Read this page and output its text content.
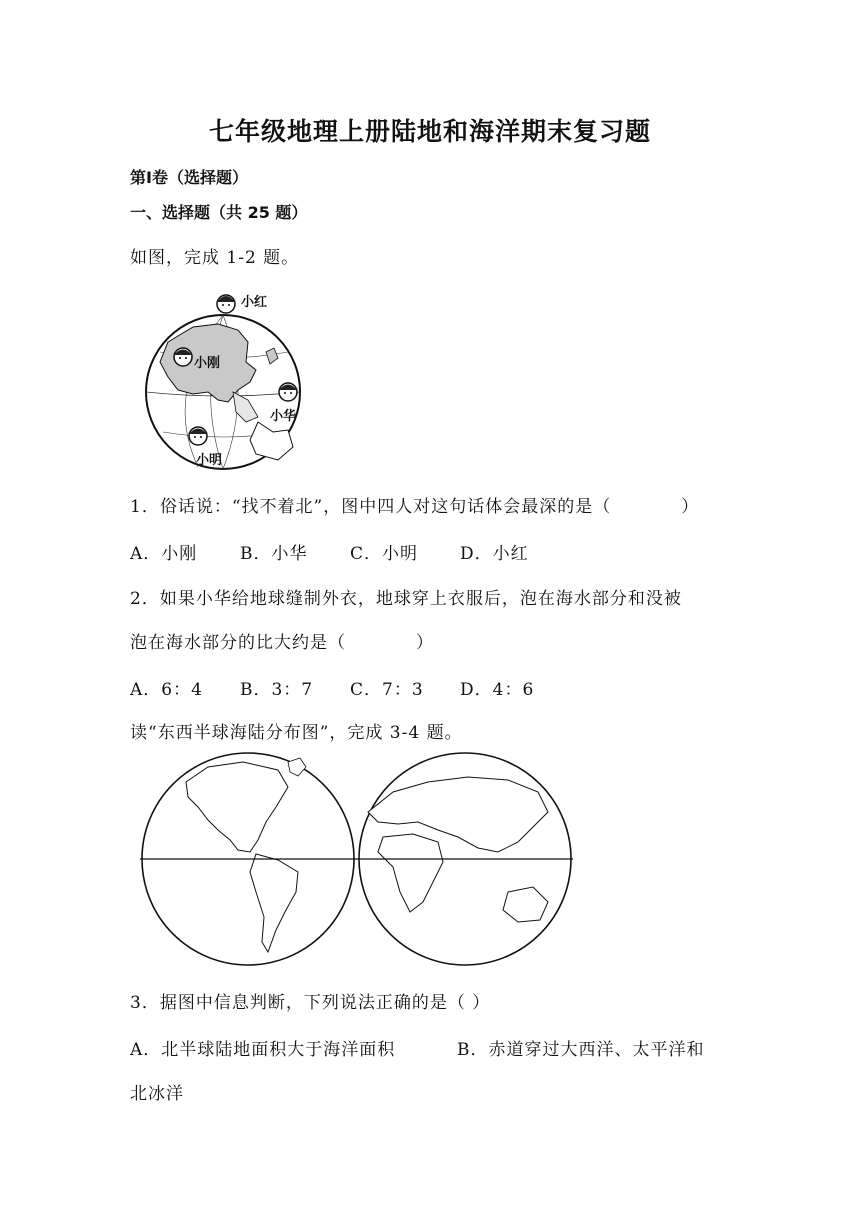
七年级地理上册陆地和海洋期末复习题
第Ⅰ卷（选择题）
一、选择题（共 25 题）
如图，完成 1-2 题。
小红
小刚
小华
小明
1．俗话说：“找不着北”，图中四人对这句话体会最深的是（	）
A．小刚	B．小华	C．小明 D．小红
2．如果小华给地球缝制外衣，地球穿上衣服后，泡在海水部分和没被
泡在海水部分的比大约是（	）
A．6：4 B．3：7 C．7：3 D．4：6
读“东西半球海陆分布图”，完成 3-4 题。
3．据图中信息判断，下列说法正确的是（ ）
A．北半球陆地面积大于海洋面积	B．赤道穿过大西洋、太平洋和
北冰洋
